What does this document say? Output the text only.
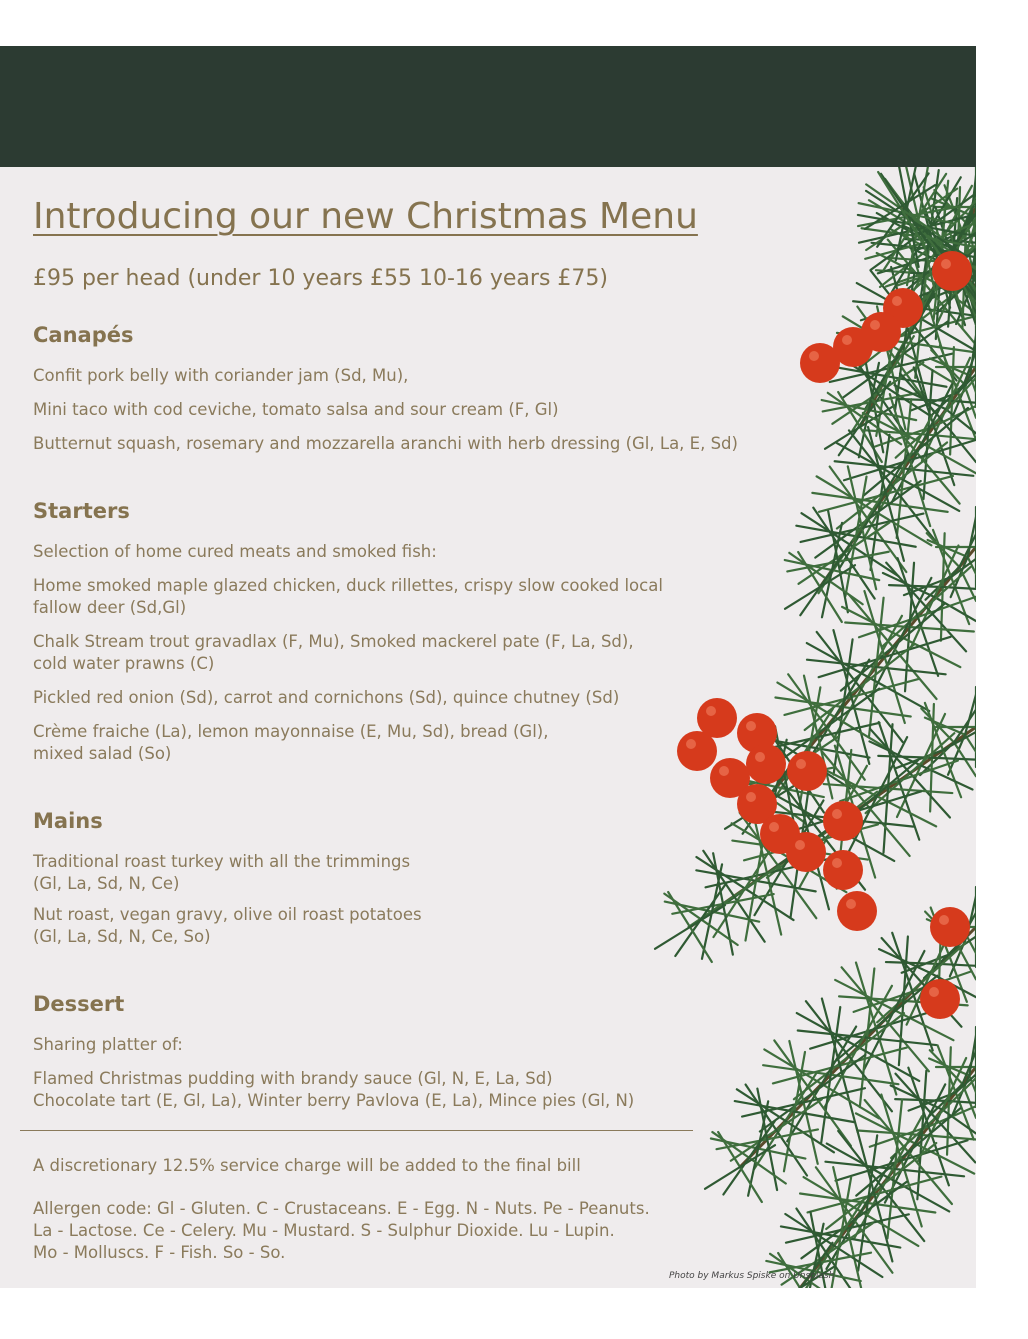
Introducing our new Christmas Menu
£95 per head (under 10 years £55 10-16 years £75)
Canapés
Confit pork belly with coriander jam (Sd, Mu),
Mini taco with cod ceviche, tomato salsa and sour cream (F, Gl)
Butternut squash, rosemary and mozzarella aranchi with herb dressing (Gl, La, E, Sd)
Starters
Selection of home cured meats and smoked fish:
Home smoked maple glazed chicken, duck rillettes, crispy slow cooked local
fallow deer (Sd,Gl)
Chalk Stream trout gravadlax (F, Mu), Smoked mackerel pate (F, La, Sd),
cold water prawns (C)
Pickled red onion (Sd), carrot and cornichons (Sd), quince chutney (Sd)
Crème fraiche (La), lemon mayonnaise (E, Mu, Sd), bread (Gl),
mixed salad (So)
Mains
Traditional roast turkey with all the trimmings
(Gl, La, Sd, N, Ce)
Nut roast, vegan gravy, olive oil roast potatoes
(Gl, La, Sd, N, Ce, So)
Dessert
Sharing platter of:
Flamed Christmas pudding with brandy sauce (Gl, N, E, La, Sd)
Chocolate tart (E, Gl, La), Winter berry Pavlova (E, La), Mince pies (Gl, N)
A discretionary 12.5% service charge will be added to the final bill
Allergen code: Gl - Gluten. C - Crustaceans. E - Egg. N - Nuts. Pe - Peanuts.
La - Lactose. Ce - Celery. Mu - Mustard. S - Sulphur Dioxide. Lu - Lupin.
Mo - Molluscs. F - Fish. So - So.
Photo by Markus Spiske on Unsplash
